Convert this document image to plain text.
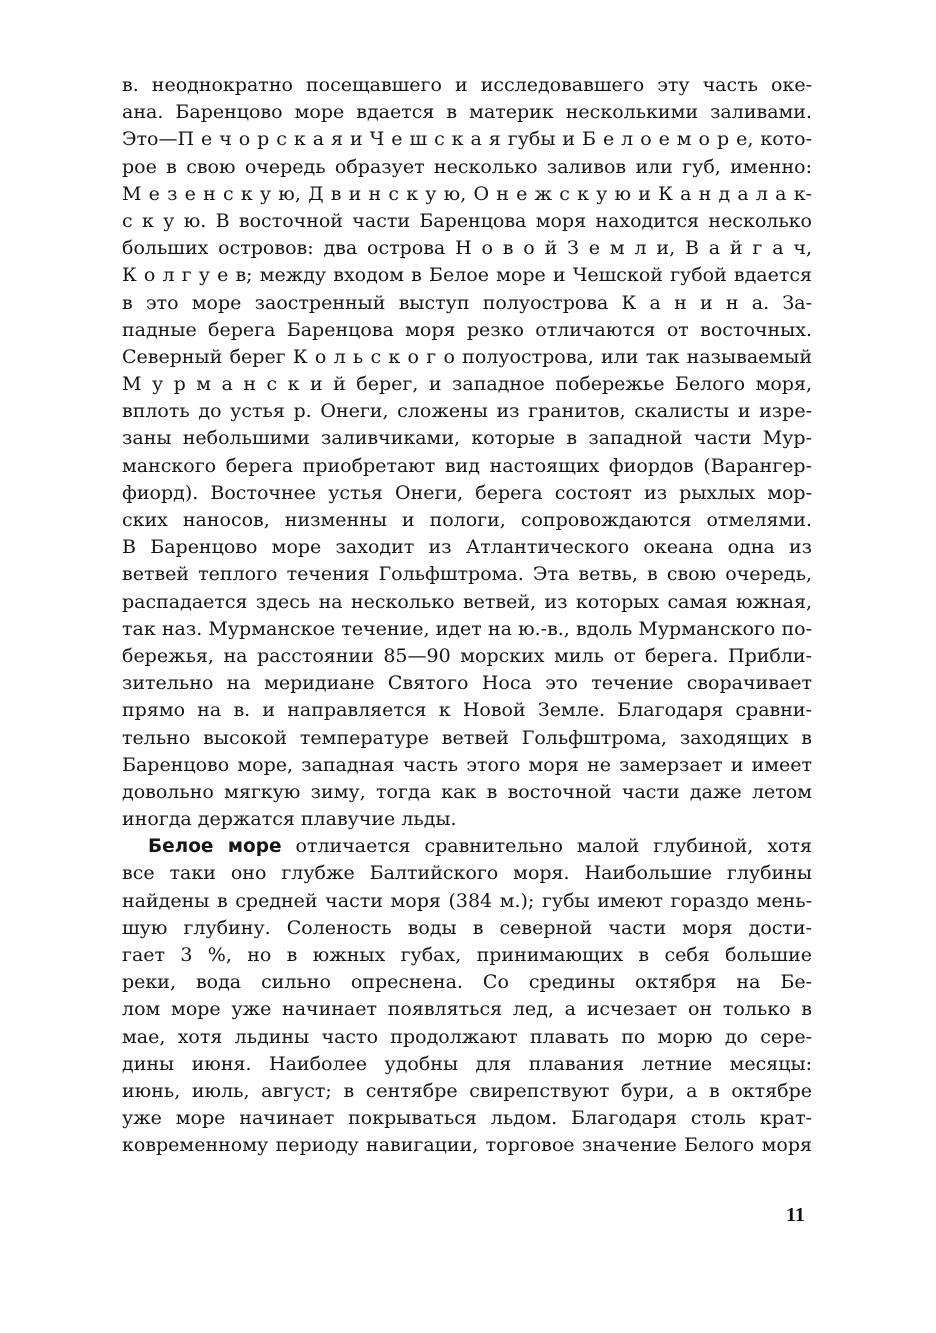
в. неоднократно посещавшего и исследовавшего эту часть оке-
ана. Баренцово море вдается в материк несколькими заливами.
Это—П е ч о р с к а я и Ч е ш с к а я губы и Б е л о е м о р е, кото-
рое в свою очередь образует несколько заливов или губ, именно:
М е з е н с к у ю, Д в и н с к у ю, О н е ж с к у ю и К а н д а л а к-
с к у ю. В восточной части Баренцова моря находится несколько
больших островов: два острова Н о в о й З е м л и, В а й г а ч,
К о л г у е в; между входом в Белое море и Чешской губой вдается
в это море заостренный выступ полуострова К а н и н а. За-
падные берега Баренцова моря резко отличаются от восточных.
Северный берег К о л ь с к о г о полуострова, или так называемый
М у р м а н с к и й берег, и западное побережье Белого моря,
вплоть до устья р. Онеги, сложены из гранитов, скалисты и изре-
заны небольшими заливчиками, которые в западной части Мур-
манского берега приобретают вид настоящих фиордов (Варангер-
фиорд). Восточнее устья Онеги, берега состоят из рыхлых мор-
ских наносов, низменны и пологи, сопровождаются отмелями.
В Баренцово море заходит из Атлантического океана одна из
ветвей теплого течения Гольфштрома. Эта ветвь, в свою очередь,
распадается здесь на несколько ветвей, из которых самая южная,
так наз. Мурманское течение, идет на ю.-в., вдоль Мурманского по-
бережья, на расстоянии 85—90 морских миль от берега. Прибли-
зительно на меридиане Святого Носа это течение сворачивает
прямо на в. и направляется к Новой Земле. Благодаря сравни-
тельно высокой температуре ветвей Гольфштрома, заходящих в
Баренцово море, западная часть этого моря не замерзает и имеет
довольно мягкую зиму, тогда как в восточной части даже летом
иногда держатся плавучие льды.
Белое море отличается сравнительно малой глубиной, хотя
все таки оно глубже Балтийского моря. Наибольшие глубины
найдены в средней части моря (384 м.); губы имеют гораздо мень-
шую глубину. Соленость воды в северной части моря дости-
гает 3 %, но в южных губах, принимающих в себя большие
реки, вода сильно опреснена. Со средины октября на Бе-
лом море уже начинает появляться лед, а исчезает он только в
мае, хотя льдины часто продолжают плавать по морю до сере-
дины июня. Наиболее удобны для плавания летние месяцы:
июнь, июль, август; в сентябре свирепствуют бури, а в октябре
уже море начинает покрываться льдом. Благодаря столь крат-
ковременному периоду навигации, торговое значение Белого моря
11
